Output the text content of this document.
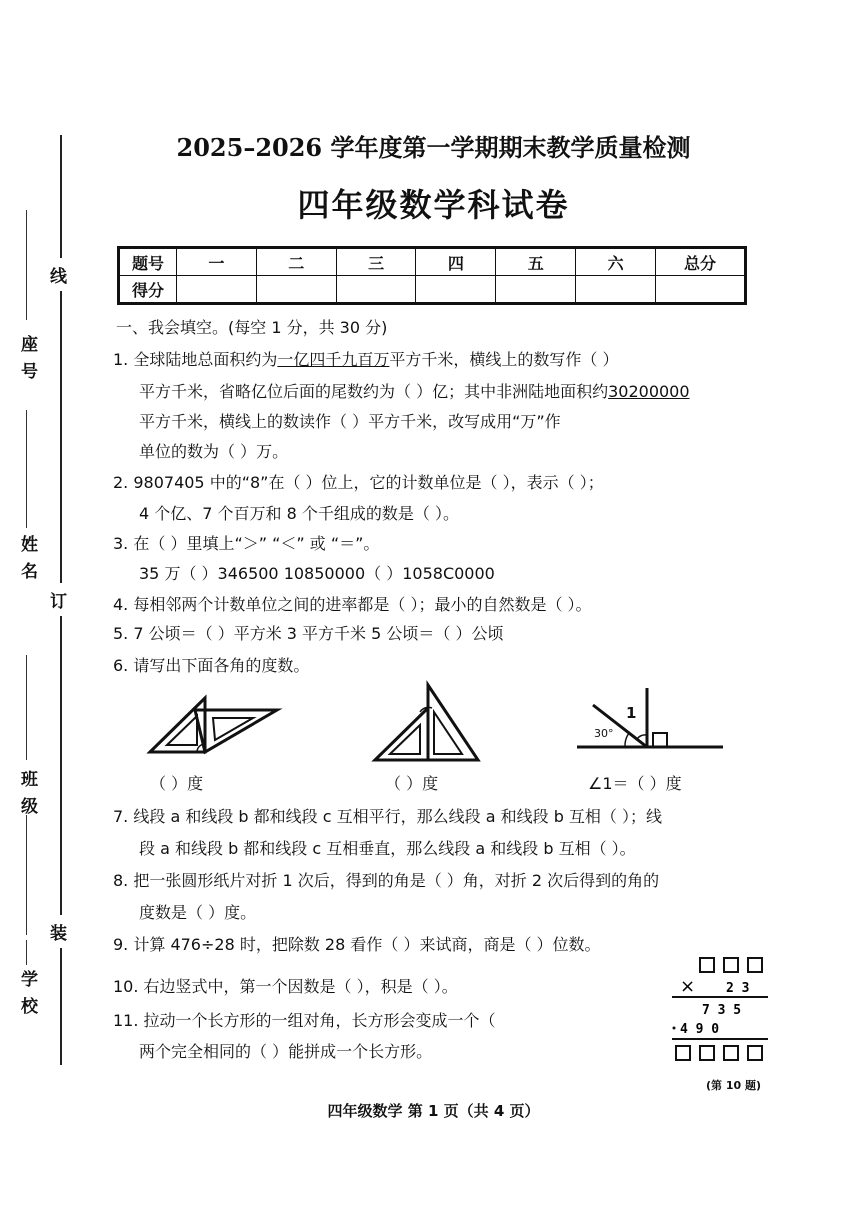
线
订
装
座号
姓名
班级
学校
2025–2026 学年度第一学期期末教学质量检测
四年级数学科试卷
题号	一	二	三	四	五	六	总分
得分							
一、我会填空。(每空 1 分，共 30 分)
1. 全球陆地总面积约为一亿四千九百万平方千米，横线上的数写作（ ）
平方千米，省略亿位后面的尾数约为（ ）亿；其中非洲陆地面积约30200000
平方千米，横线上的数读作（ ）平方千米，改写成用“万”作
单位的数为（ ）万。
2. 9807405 中的“8”在（ ）位上，它的计数单位是（ ），表示（ ）；
4 个亿、7 个百万和 8 个千组成的数是（ ）。
3. 在（ ）里填上“＞” “＜” 或 “＝”。
35 万（ ）346500 10850000（ ）1058C0000
4. 每相邻两个计数单位之间的进率都是（ ）；最小的自然数是（ ）。
5. 7 公顷＝（ ）平方米 3 平方千米 5 公顷＝（ ）公顷
6. 请写出下面各角的度数。
1
30°
（ ）度	（ ）度	∠1＝（ ）度
7. 线段 a 和线段 b 都和线段 c 互相平行，那么线段 a 和线段 b 互相（ ）；线
段 a 和线段 b 都和线段 c 互相垂直，那么线段 a 和线段 b 互相（ ）。
8. 把一张圆形纸片对折 1 次后，得到的角是（ ）角，对折 2 次后得到的角的
度数是（ ）度。
9. 计算 476÷28 时，把除数 28 看作（ ）来试商，商是（ ）位数。
10. 右边竖式中，第一个因数是（ ），积是（ ）。
11. 拉动一个长方形的一组对角，长方形会变成一个（
两个完全相同的（ ）能拼成一个长方形。
× 2 3
7 3 5
4 9 0
(第 10 题)
四年级数学 第 1 页（共 4 页）
